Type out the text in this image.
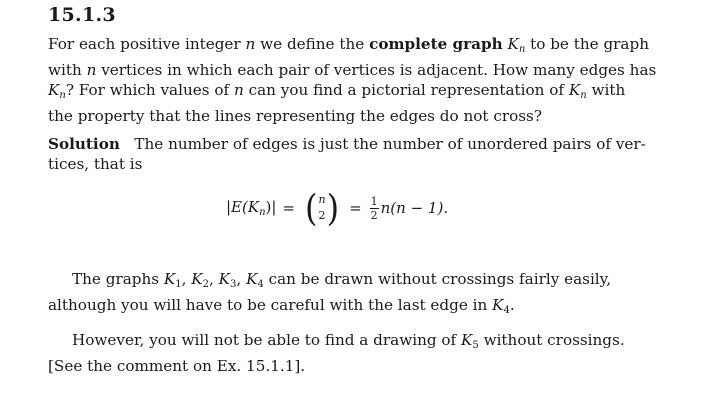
15.1.3
For each positive integer n we define the complete graph $K_n$ to be the graph
with n vertices in which each pair of vertices is adjacent. How many edges has
$K_n$? For which values of n can you find a pictorial representation of $K_n$ with
the property that the lines representing the edges do not cross?
Solution The number of edges is just the number of unordered pairs of ver-
tices, that is
$|E(K_n)|$ = ( n
2 ) = $\frac{1}{2} n(n - 1)$.
The graphs $K_1$, $K_2$, $K_3$, $K_4$ can be drawn without crossings fairly easily,
although you will have to be careful with the last edge in $K_4$.
However, you will not be able to find a drawing of $K_5$ without crossings.
[See the comment on Ex. 15.1.1].
